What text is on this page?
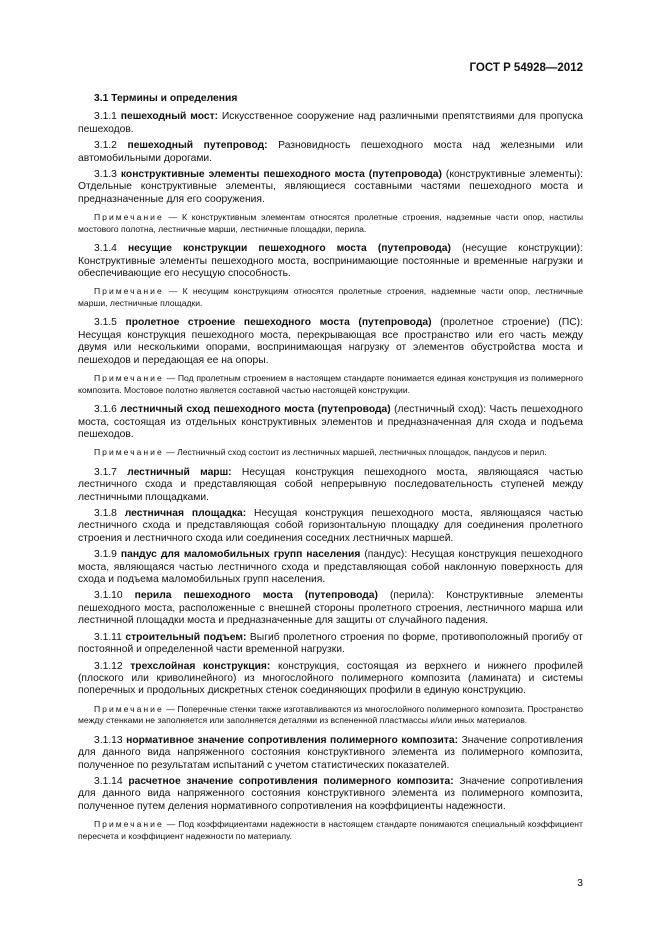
ГОСТ Р 54928—2012

3.1 Термины и определения

3.1.1 пешеходный мост: Искусственное сооружение над различными препятствиями для пропуска пешеходов.

3.1.2 пешеходный путепровод: Разновидность пешеходного моста над железными или автомобильными дорогами.

3.1.3 конструктивные элементы пешеходного моста (путепровода) (конструктивные элементы): Отдельные конструктивные элементы, являющиеся составными частями пешеходного моста и предназначенные для его сооружения.

Примечание — К конструктивным элементам относятся пролетные строения, надземные части опор, настилы мостового полотна, лестничные марши, лестничные площадки, перила.

3.1.4 несущие конструкции пешеходного моста (путепровода) (несущие конструкции): Конструктивные элементы пешеходного моста, воспринимающие постоянные и временные нагрузки и обеспечивающие его несущую способность.

Примечание — К несущим конструкциям относятся пролетные строения, надземные части опор, лестничные марши, лестничные площадки.

3.1.5 пролетное строение пешеходного моста (путепровода) (пролетное строение) (ПС): Несущая конструкция пешеходного моста, перекрывающая все пространство или его часть между двумя или несколькими опорами, воспринимающая нагрузку от элементов обустройства моста и пешеходов и передающая ее на опоры.

Примечание — Под пролетным строением в настоящем стандарте понимается единая конструкция из полимерного композита. Мостовое полотно является составной частью настоящей конструкции.

3.1.6 лестничный сход пешеходного моста (путепровода) (лестничный сход): Часть пешеходного моста, состоящая из отдельных конструктивных элементов и предназначенная для схода и подъема пешеходов.

Примечание — Лестничный сход состоит из лестничных маршей, лестничных площадок, пандусов и перил.

3.1.7 лестничный марш: Несущая конструкция пешеходного моста, являющаяся частью лестничного схода и представляющая собой непрерывную последовательность ступеней между лестничными площадками.

3.1.8 лестничная площадка: Несущая конструкция пешеходного моста, являющаяся частью лестничного схода и представляющая собой горизонтальную площадку для соединения пролетного строения и лестничного схода или соединения соседних лестничных маршей.

3.1.9 пандус для маломобильных групп населения (пандус): Несущая конструкция пешеходного моста, являющаяся частью лестничного схода и представляющая собой наклонную поверхность для схода и подъема маломобильных групп населения.

3.1.10 перила пешеходного моста (путепровода) (перила): Конструктивные элементы пешеходного моста, расположенные с внешней стороны пролетного строения, лестничного марша или лестничной площадки моста и предназначенные для защиты от случайного падения.

3.1.11 строительный подъем: Выгиб пролетного строения по форме, противоположный прогибу от постоянной и определенной части временной нагрузки.

3.1.12 трехслойная конструкция: конструкция, состоящая из верхнего и нижнего профилей (плоского или криволинейного) из многослойного полимерного композита (ламината) и системы поперечных и продольных дискретных стенок соединяющих профили в единую конструкцию.

Примечание — Поперечные стенки также изготавливаются из многослойного полимерного композита. Пространство между стенками не заполняется или заполняется деталями из вспененной пластмассы и/или иных материалов.

3.1.13 нормативное значение сопротивления полимерного композита: Значение сопротивления для данного вида напряженного состояния конструктивного элемента из полимерного композита, полученное по результатам испытаний с учетом статистических показателей.

3.1.14 расчетное значение сопротивления полимерного композита: Значение сопротивления для данного вида напряженного состояния конструктивного элемента из полимерного композита, полученное путем деления нормативного сопротивления на коэффициенты надежности.

Примечание — Под коэффициентами надежности в настоящем стандарте понимаются специальный коэффициент пересчета и коэффициент надежности по материалу.

3
